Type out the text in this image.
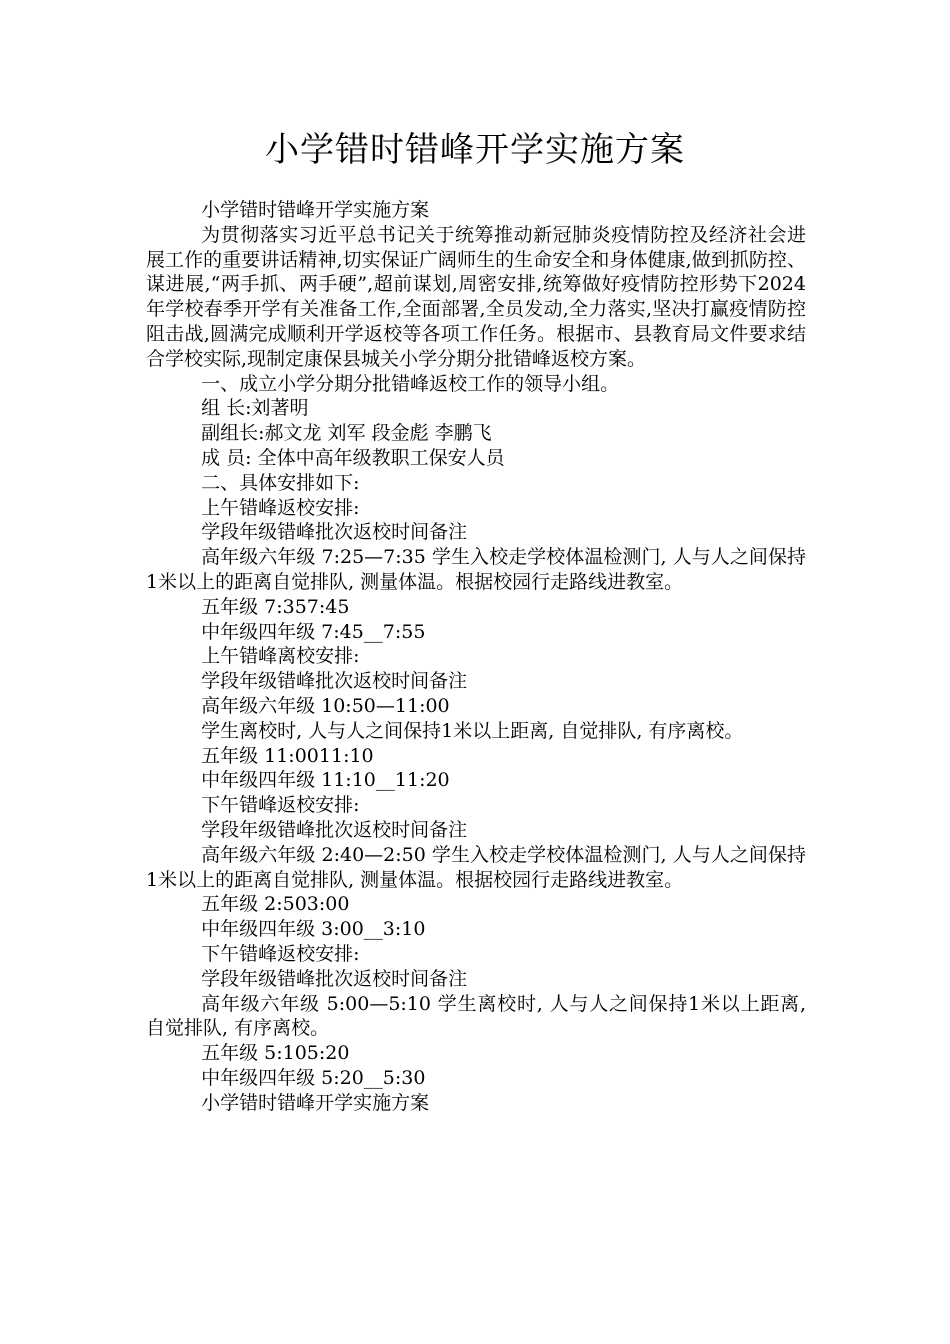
小学错时错峰开学实施方案

小学错时错峰开学实施方案

为贯彻落实习近平总书记关于统筹推动新冠肺炎疫情防控及经济社会进展工作的重要讲话精神,切实保证广阔师生的生命安全和身体健康,做到抓防控、谋进展,“两手抓、两手硬”,超前谋划,周密安排,统筹做好疫情防控形势下2024年学校春季开学有关准备工作,全面部署,全员发动,全力落实,坚决打赢疫情防控阻击战,圆满完成顺利开学返校等各项工作任务。根据市、县教育局文件要求结合学校实际,现制定康保县城关小学分期分批错峰返校方案。

一、成立小学分期分批错峰返校工作的领导小组。

组 长:刘著明

副组长:郝文龙 刘军 段金彪 李鹏飞

成 员: 全体中高年级教职工保安人员

二、具体安排如下:

上午错峰返校安排:

学段年级错峰批次返校时间备注

高年级六年级 7:25—7:35 学生入校走学校体温检测门, 人与人之间保持1米以上的距离自觉排队, 测量体温。根据校园行走路线进教室。

五年级 7:357:45

中年级四年级 7:45__7:55

上午错峰离校安排:

学段年级错峰批次返校时间备注

高年级六年级 10:50—11:00

学生离校时, 人与人之间保持1米以上距离, 自觉排队, 有序离校。

五年级 11:0011:10

中年级四年级 11:10__11:20

下午错峰返校安排:

学段年级错峰批次返校时间备注

高年级六年级 2:40—2:50 学生入校走学校体温检测门, 人与人之间保持1米以上的距离自觉排队, 测量体温。根据校园行走路线进教室。

五年级 2:503:00

中年级四年级 3:00__3:10

下午错峰返校安排:

学段年级错峰批次返校时间备注

高年级六年级 5:00—5:10 学生离校时, 人与人之间保持1米以上距离, 自觉排队, 有序离校。

五年级 5:105:20

中年级四年级 5:20__5:30

小学错时错峰开学实施方案
